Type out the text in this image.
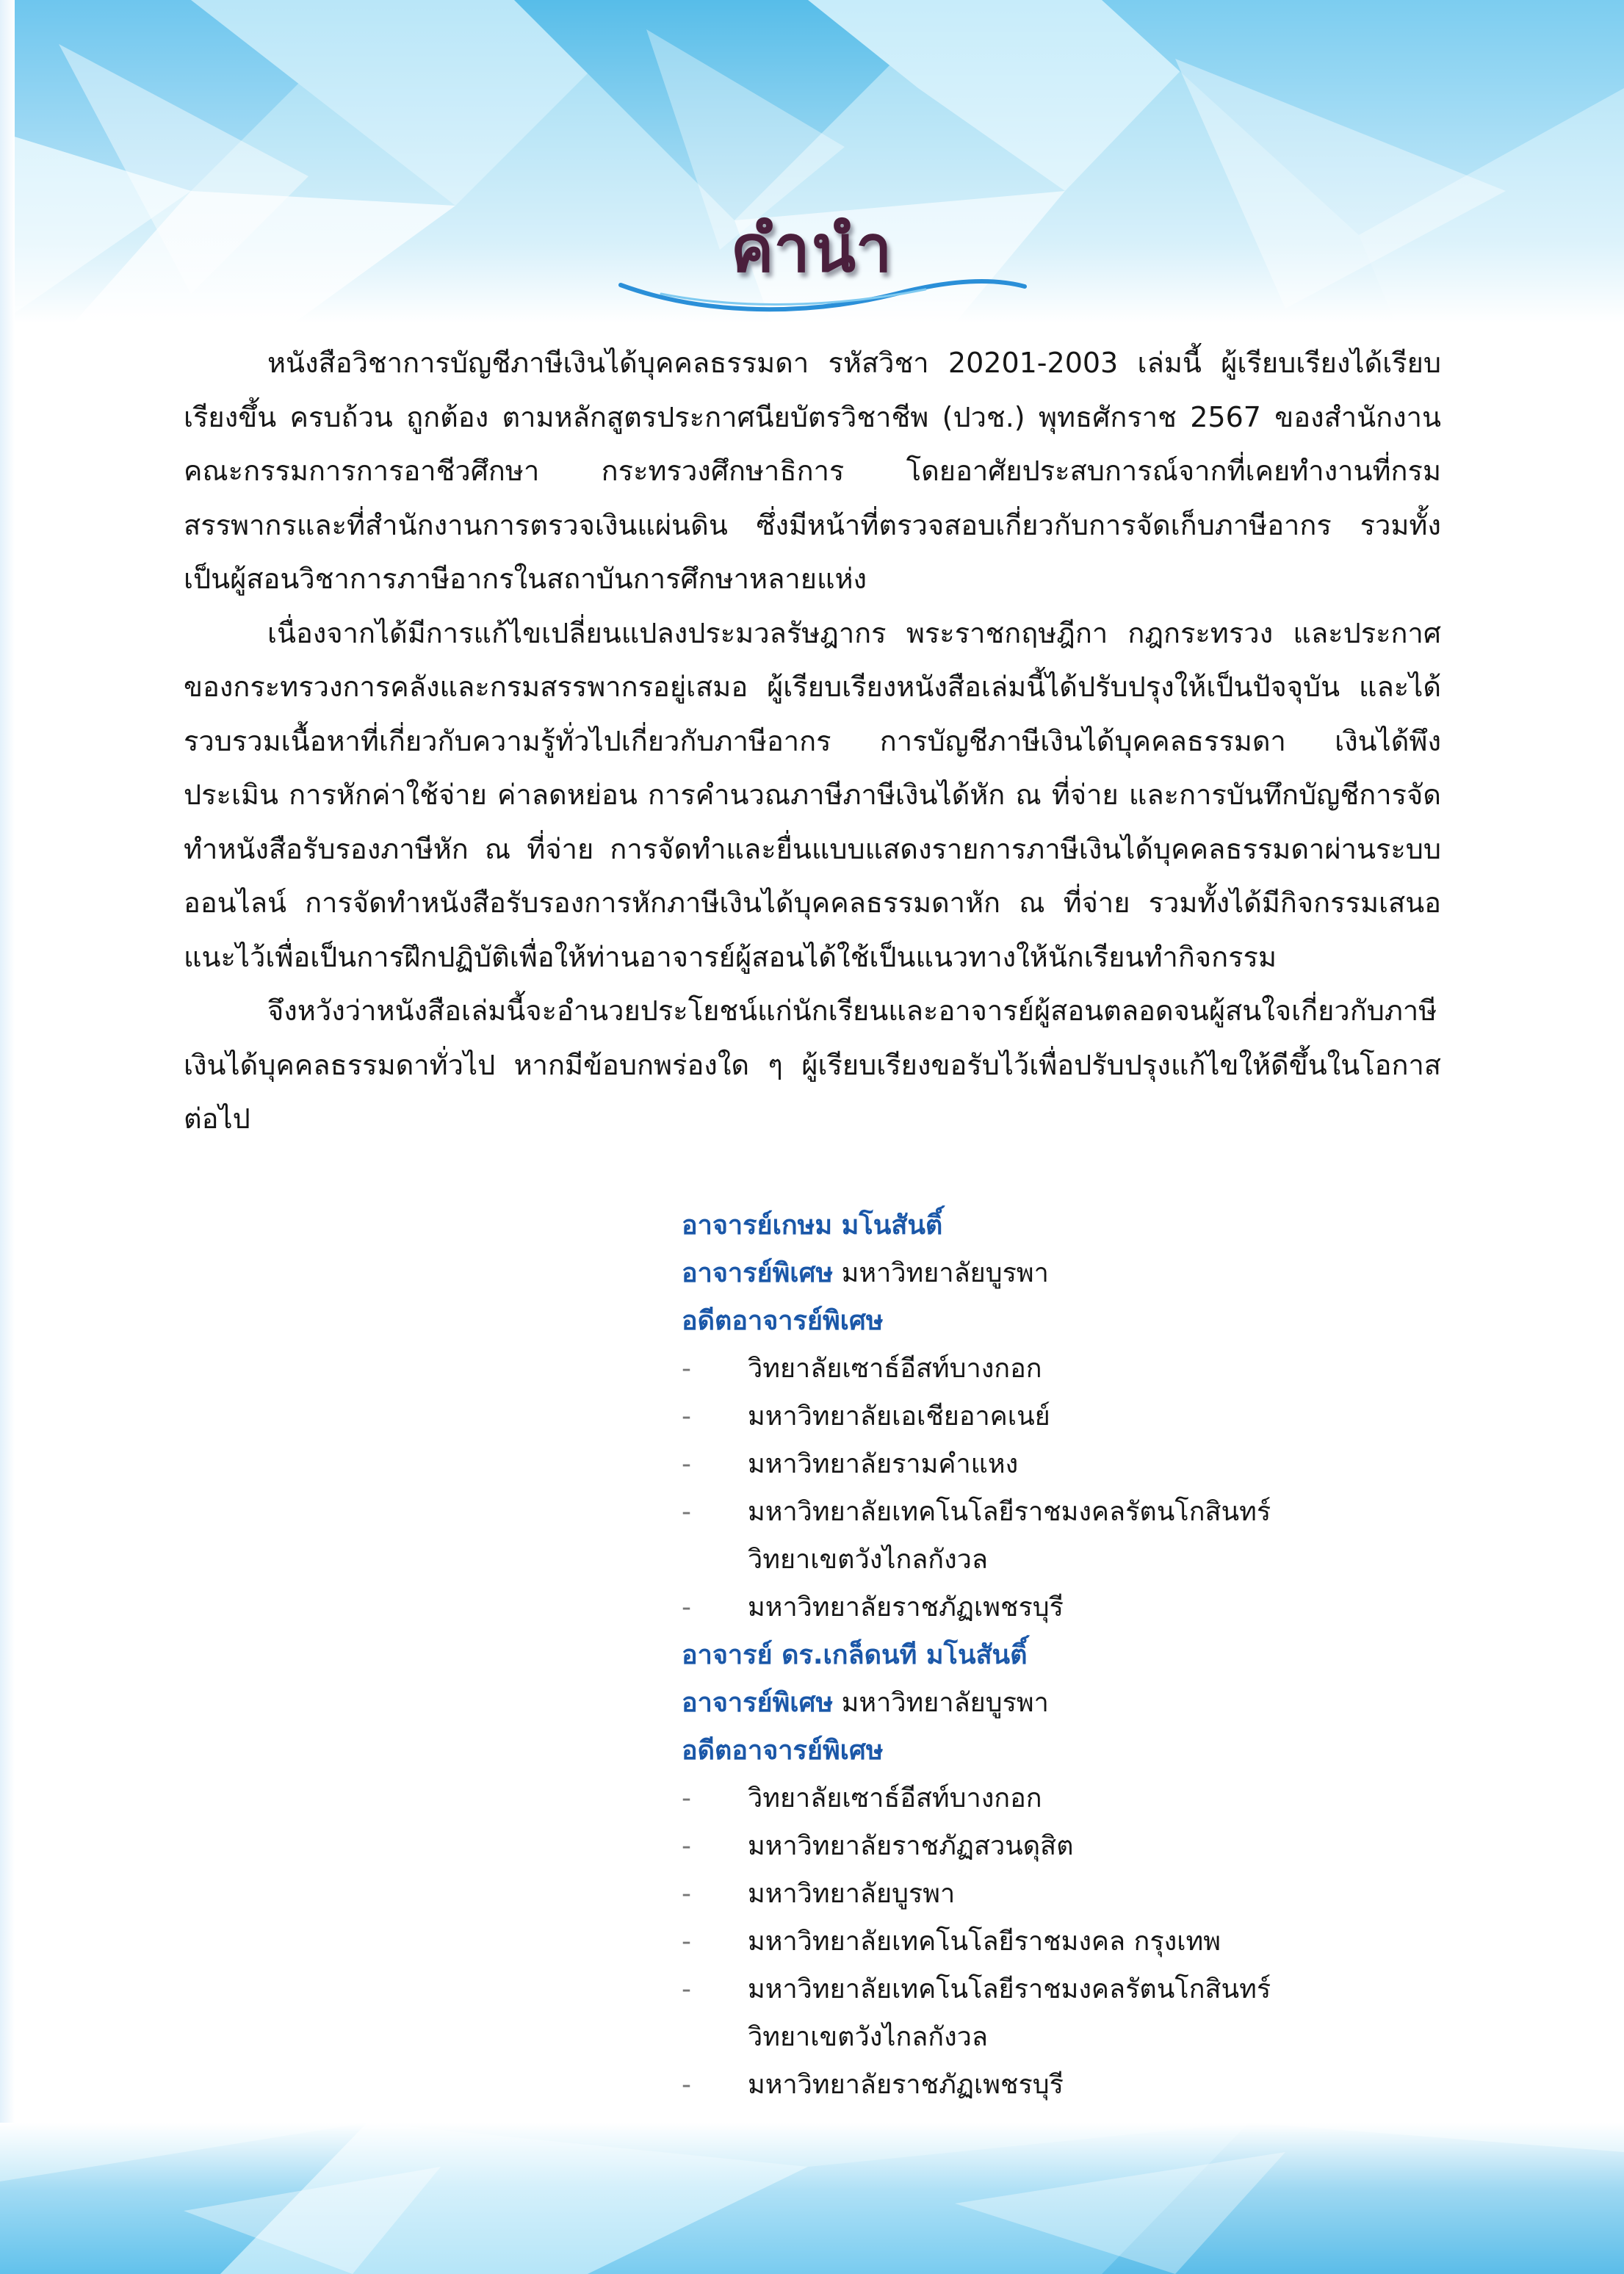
คำนำ

หนังสือวิชาการบัญชีภาษีเงินได้บุคคลธรรมดา รหัสวิชา 20201-2003 เล่มนี้ ผู้เรียบเรียงได้เรียบเรียงขึ้น ครบถ้วน ถูกต้อง ตามหลักสูตรประกาศนียบัตรวิชาชีพ (ปวช.) พุทธศักราช 2567 ของสำนักงานคณะกรรมการการอาชีวศึกษา กระทรวงศึกษาธิการ โดยอาศัยประสบการณ์จากที่เคยทำงานที่กรมสรรพากรและที่สำนักงานการตรวจเงินแผ่นดิน ซึ่งมีหน้าที่ตรวจสอบเกี่ยวกับการจัดเก็บภาษีอากร รวมทั้งเป็นผู้สอนวิชาการภาษีอากรในสถาบันการศึกษาหลายแห่ง

เนื่องจากได้มีการแก้ไขเปลี่ยนแปลงประมวลรัษฎากร พระราชกฤษฎีกา กฎกระทรวง และประกาศของกระทรวงการคลังและกรมสรรพากรอยู่เสมอ ผู้เรียบเรียงหนังสือเล่มนี้ได้ปรับปรุงให้เป็นปัจจุบัน และได้รวบรวมเนื้อหาที่เกี่ยวกับความรู้ทั่วไปเกี่ยวกับภาษีอากร การบัญชีภาษีเงินได้บุคคลธรรมดา เงินได้พึงประเมิน การหักค่าใช้จ่าย ค่าลดหย่อน การคำนวณภาษีภาษีเงินได้หัก ณ ที่จ่าย และการบันทึกบัญชีการจัดทำหนังสือรับรองภาษีหัก ณ ที่จ่าย การจัดทำและยื่นแบบแสดงรายการภาษีเงินได้บุคคลธรรมดาผ่านระบบออนไลน์ การจัดทำหนังสือรับรองการหักภาษีเงินได้บุคคลธรรมดาหัก ณ ที่จ่าย รวมทั้งได้มีกิจกรรมเสนอแนะไว้เพื่อเป็นการฝึกปฏิบัติเพื่อให้ท่านอาจารย์ผู้สอนได้ใช้เป็นแนวทางให้นักเรียนทำกิจกรรม

จึงหวังว่าหนังสือเล่มนี้จะอำนวยประโยชน์แก่นักเรียนและอาจารย์ผู้สอนตลอดจนผู้สนใจเกี่ยวกับภาษีเงินได้บุคคลธรรมดาทั่วไป หากมีข้อบกพร่องใด ๆ ผู้เรียบเรียงขอรับไว้เพื่อปรับปรุงแก้ไขให้ดีขึ้นในโอกาสต่อไป

อาจารย์เกษม มโนสันติ์
อาจารย์พิเศษ มหาวิทยาลัยบูรพา
อดีตอาจารย์พิเศษ
- วิทยาลัยเซาธ์อีสท์บางกอก
- มหาวิทยาลัยเอเชียอาคเนย์
- มหาวิทยาลัยรามคำแหง
- มหาวิทยาลัยเทคโนโลยีราชมงคลรัตนโกสินทร์
วิทยาเขตวังไกลกังวล
- มหาวิทยาลัยราชภัฏเพชรบุรี
อาจารย์ ดร.เกล็ดนที มโนสันติ์
อาจารย์พิเศษ มหาวิทยาลัยบูรพา
อดีตอาจารย์พิเศษ
- วิทยาลัยเซาธ์อีสท์บางกอก
- มหาวิทยาลัยราชภัฏสวนดุสิต
- มหาวิทยาลัยบูรพา
- มหาวิทยาลัยเทคโนโลยีราชมงคล กรุงเทพ
- มหาวิทยาลัยเทคโนโลยีราชมงคลรัตนโกสินทร์
วิทยาเขตวังไกลกังวล
- มหาวิทยาลัยราชภัฏเพชรบุรี
